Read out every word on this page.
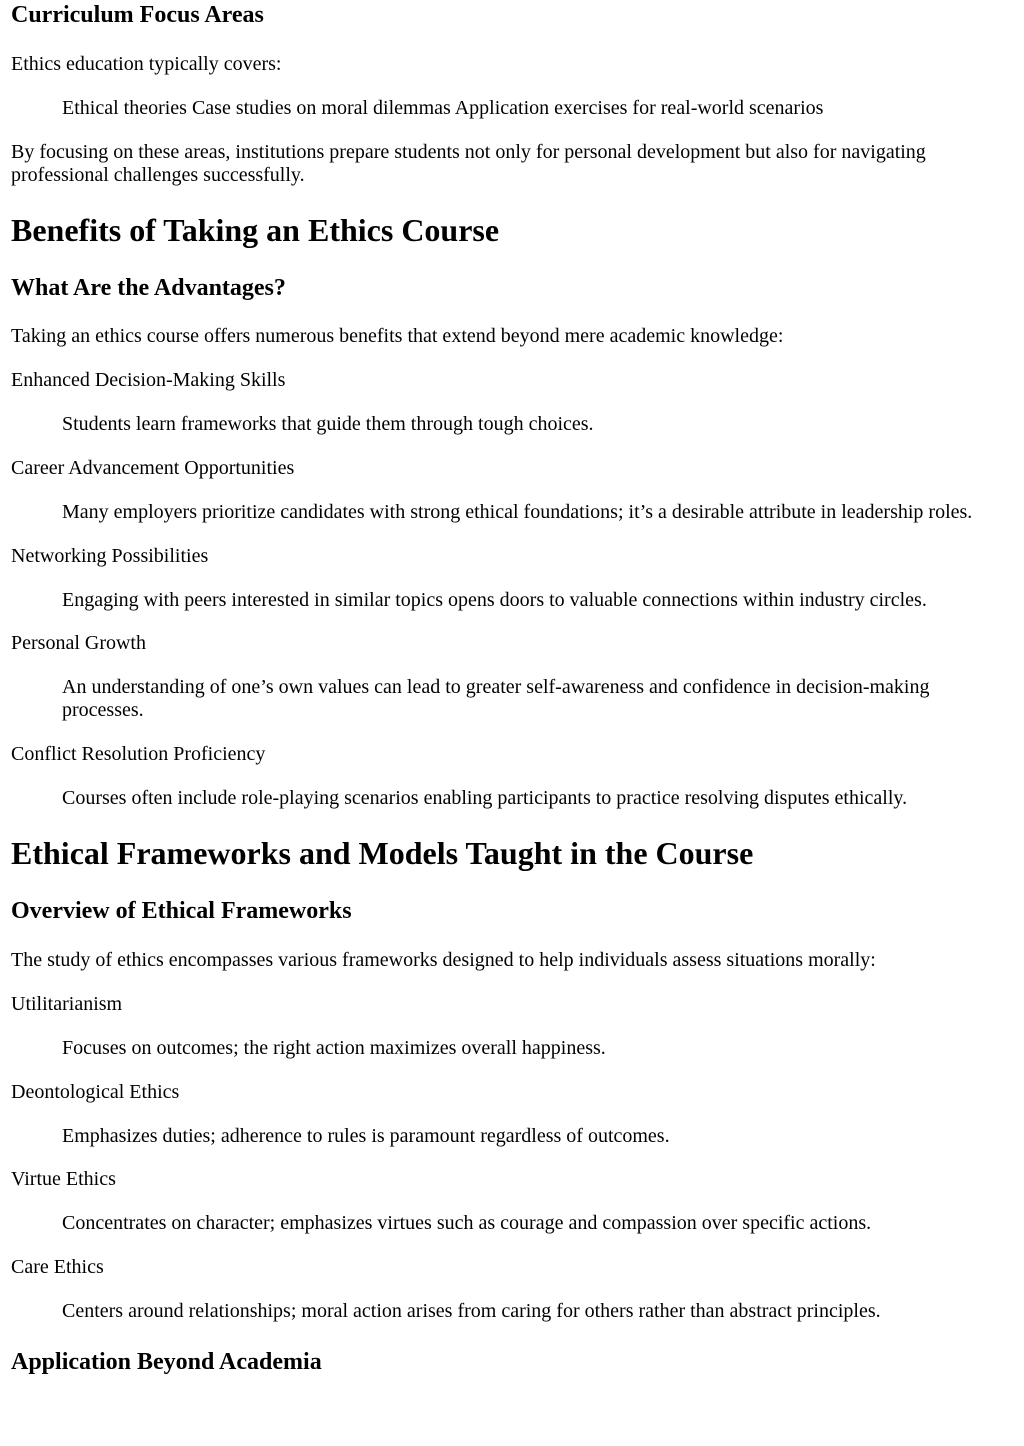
Curriculum Focus Areas

Ethics education typically covers:

Ethical theories Case studies on moral dilemmas Application exercises for real-world scenarios

By focusing on these areas, institutions prepare students not only for personal development but also for navigating professional challenges successfully.

Benefits of Taking an Ethics Course
What Are the Advantages?

Taking an ethics course offers numerous benefits that extend beyond mere academic knowledge:

Enhanced Decision-Making Skills
Students learn frameworks that guide them through tough choices.
Career Advancement Opportunities
Many employers prioritize candidates with strong ethical foundations; it’s a desirable attribute in leadership roles.
Networking Possibilities
Engaging with peers interested in similar topics opens doors to valuable connections within industry circles.
Personal Growth
An understanding of one’s own values can lead to greater self-awareness and confidence in decision-making processes.
Conflict Resolution Proficiency
Courses often include role-playing scenarios enabling participants to practice resolving disputes ethically.
Ethical Frameworks and Models Taught in the Course
Overview of Ethical Frameworks

The study of ethics encompasses various frameworks designed to help individuals assess situations morally:

Utilitarianism
Focuses on outcomes; the right action maximizes overall happiness.
Deontological Ethics
Emphasizes duties; adherence to rules is paramount regardless of outcomes.
Virtue Ethics
Concentrates on character; emphasizes virtues such as courage and compassion over specific actions.
Care Ethics
Centers around relationships; moral action arises from caring for others rather than abstract principles.
Application Beyond Academia
